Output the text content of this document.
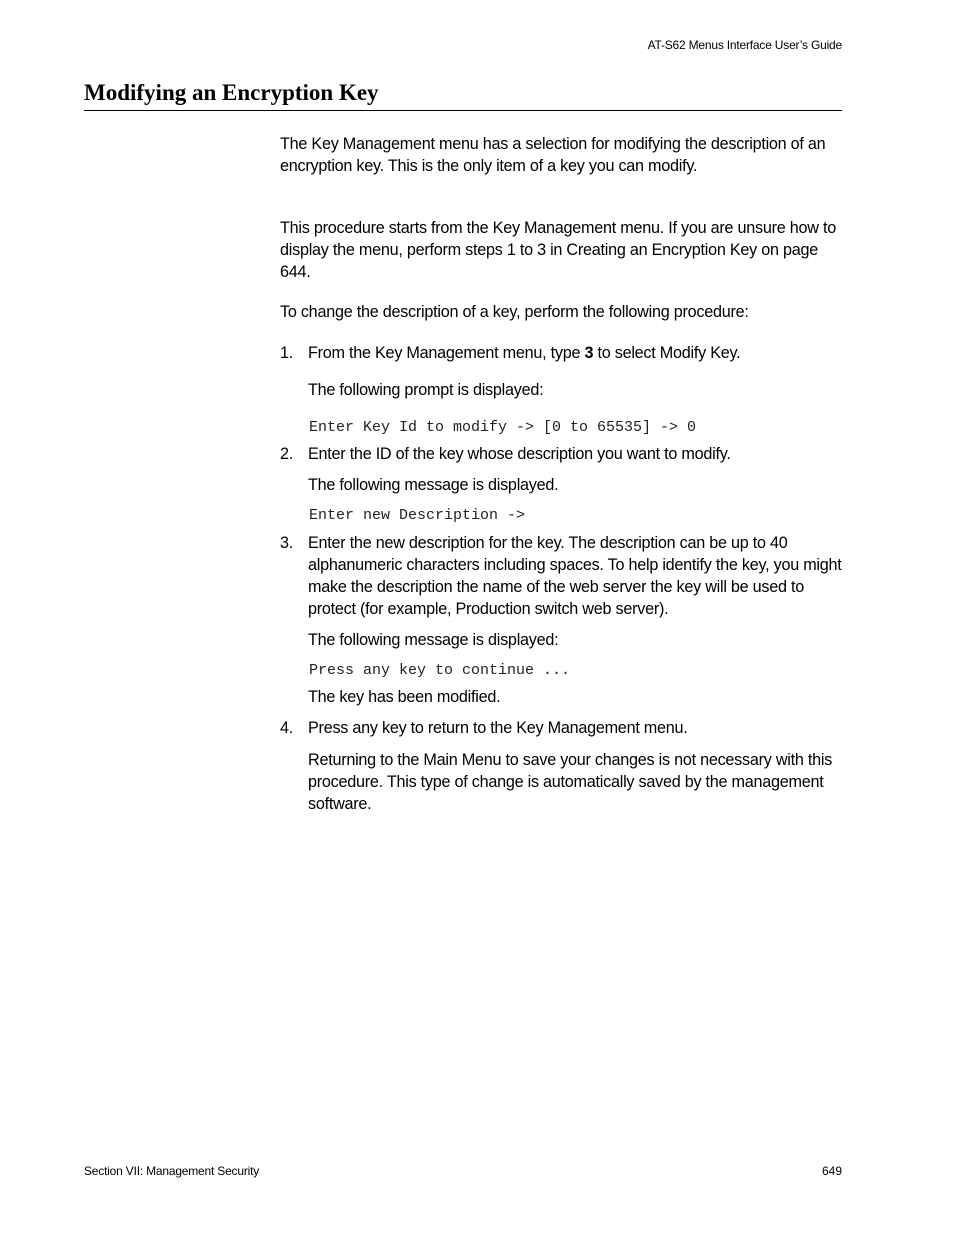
AT-S62 Menus Interface User’s Guide
Modifying an Encryption Key

The Key Management menu has a selection for modifying the description of an encryption key. This is the only item of a key you can modify.

This procedure starts from the Key Management menu. If you are unsure how to display the menu, perform steps 1 to 3 in Creating an Encryption Key on page 644.

To change the description of a key, perform the following procedure:

1. From the Key Management menu, type 3 to select Modify Key.

The following prompt is displayed:

Enter Key Id to modify -> [0 to 65535] -> 0
2. Enter the ID of the key whose description you want to modify.

The following message is displayed.

Enter new Description ->
3. Enter the new description for the key. The description can be up to 40 alphanumeric characters including spaces. To help identify the key, you might make the description the name of the web server the key will be used to protect (for example, Production switch web server).

The following message is displayed:

Press any key to continue ...

The key has been modified.

4. Press any key to return to the Key Management menu.

Returning to the Main Menu to save your changes is not necessary with this procedure. This type of change is automatically saved by the management software.

Section VII: Management Security	649
